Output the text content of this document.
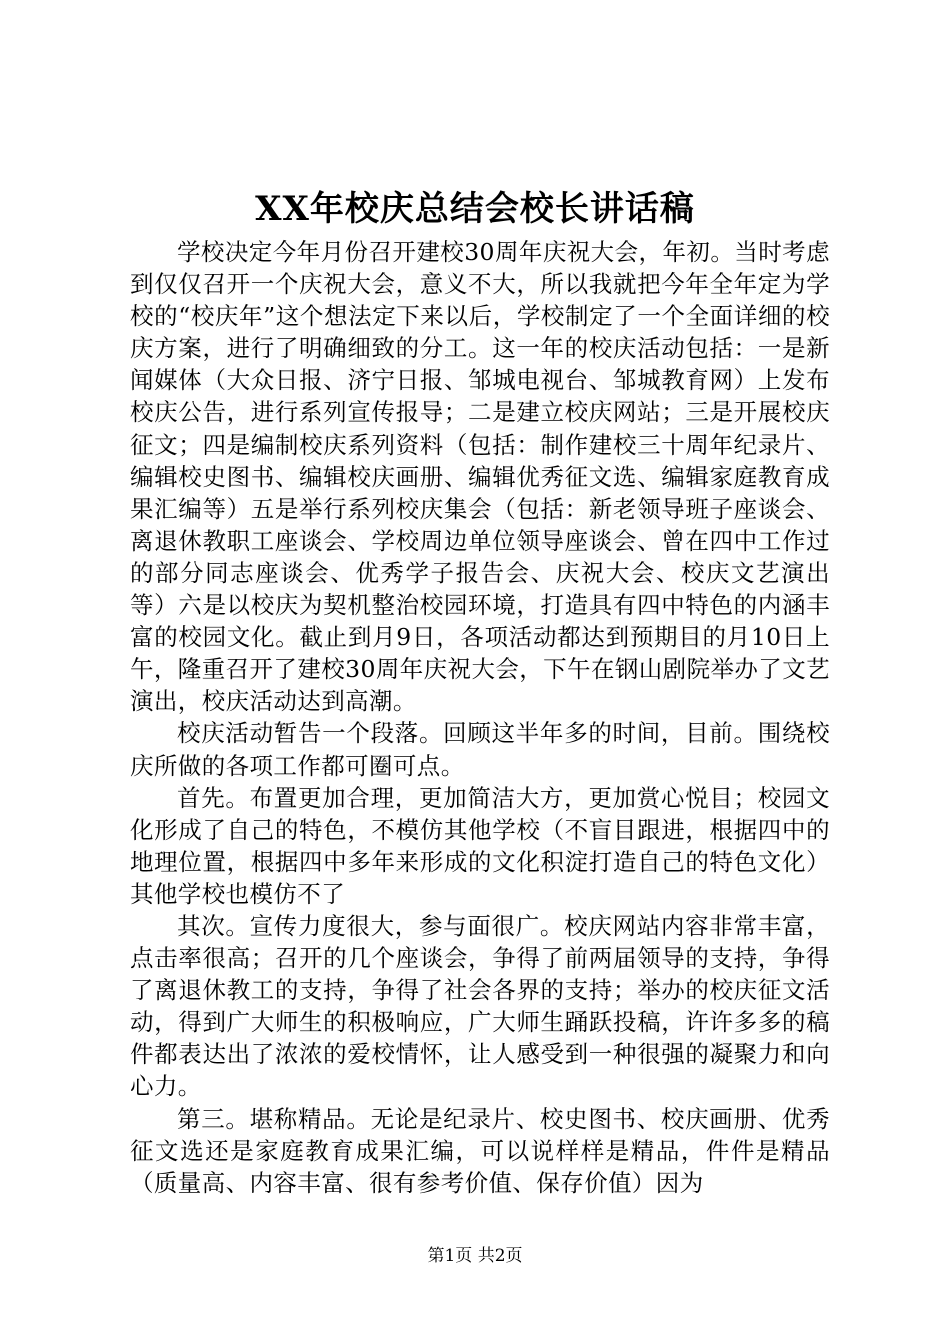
XX年校庆总结会校长讲话稿

学校决定今年月份召开建校30周年庆祝大会，年初。当时考虑到仅仅召开一个庆祝大会，意义不大，所以我就把今年全年定为学校的“校庆年”这个想法定下来以后，学校制定了一个全面详细的校庆方案，进行了明确细致的分工。这一年的校庆活动包括：一是新闻媒体（大众日报、济宁日报、邹城电视台、邹城教育网）上发布校庆公告，进行系列宣传报导；二是建立校庆网站；三是开展校庆征文；四是编制校庆系列资料（包括：制作建校三十周年纪录片、编辑校史图书、编辑校庆画册、编辑优秀征文选、编辑家庭教育成果汇编等）五是举行系列校庆集会（包括：新老领导班子座谈会、离退休教职工座谈会、学校周边单位领导座谈会、曾在四中工作过的部分同志座谈会、优秀学子报告会、庆祝大会、校庆文艺演出等）六是以校庆为契机整治校园环境，打造具有四中特色的内涵丰富的校园文化。截止到月9日，各项活动都达到预期目的月10日上午，隆重召开了建校30周年庆祝大会，下午在钢山剧院举办了文艺演出，校庆活动达到高潮。

校庆活动暂告一个段落。回顾这半年多的时间，目前。围绕校庆所做的各项工作都可圈可点。

首先。布置更加合理，更加简洁大方，更加赏心悦目；校园文化形成了自己的特色，不模仿其他学校（不盲目跟进，根据四中的地理位置，根据四中多年来形成的文化积淀打造自己的特色文化）其他学校也模仿不了

其次。宣传力度很大，参与面很广。校庆网站内容非常丰富，点击率很高；召开的几个座谈会，争得了前两届领导的支持，争得了离退休教工的支持，争得了社会各界的支持；举办的校庆征文活动，得到广大师生的积极响应，广大师生踊跃投稿，许许多多的稿件都表达出了浓浓的爱校情怀，让人感受到一种很强的凝聚力和向心力。

第三。堪称精品。无论是纪录片、校史图书、校庆画册、优秀征文选还是家庭教育成果汇编，可以说样样是精品，件件是精品（质量高、内容丰富、很有参考价值、保存价值）因为

第1页 共2页
